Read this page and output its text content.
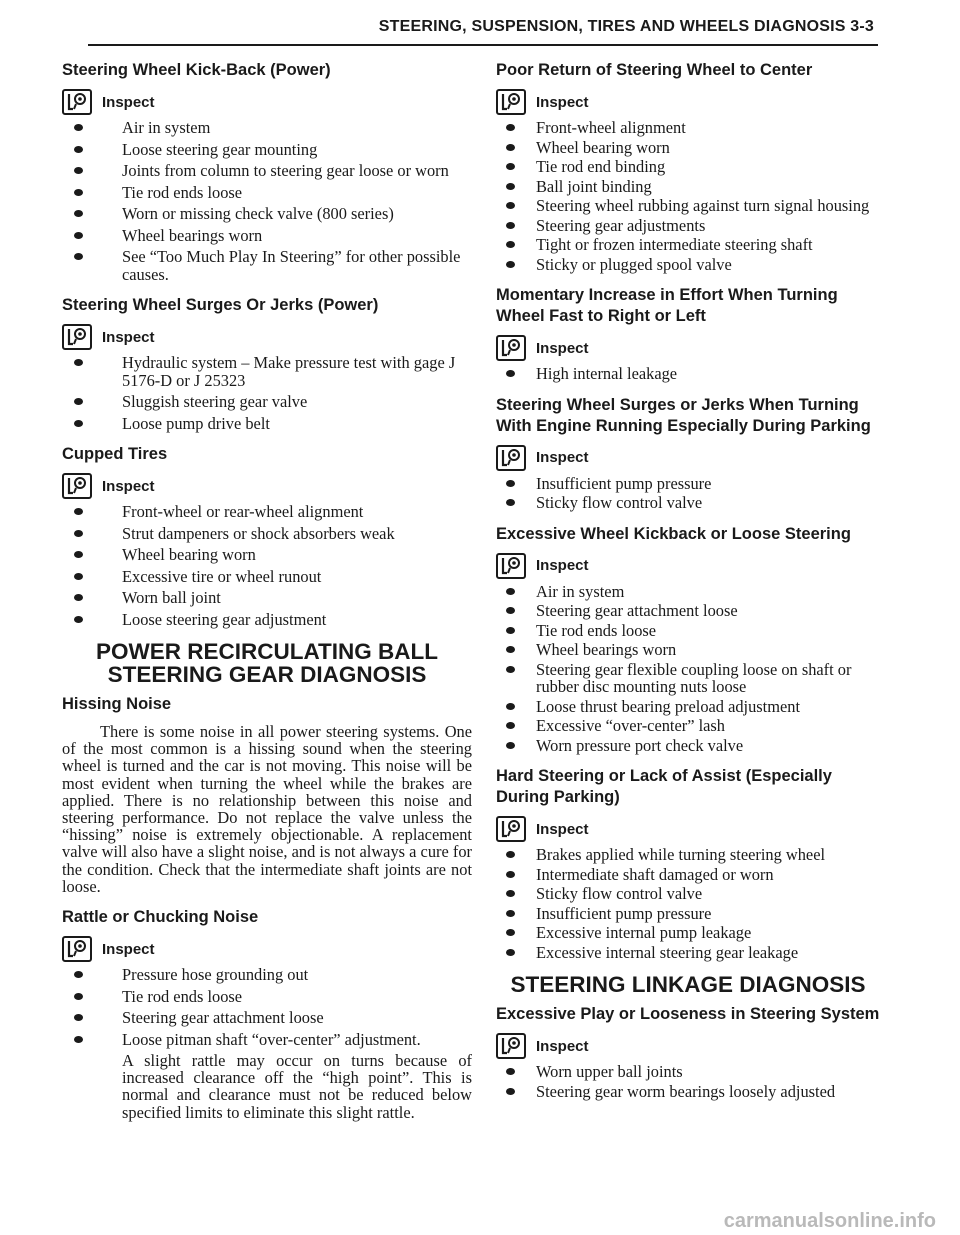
STEERING, SUSPENSION, TIRES AND WHEELS DIAGNOSIS 3-3
Steering Wheel Kick-Back (Power)
Inspect
Air in system
Loose steering gear mounting
Joints from column to steering gear loose or worn
Tie rod ends loose
Worn or missing check valve (800 series)
Wheel bearings worn
See “Too Much Play In Steering” for other possible causes.
Steering Wheel Surges Or Jerks (Power)
Inspect
Hydraulic system – Make pressure test with gage J 5176-D or J 25323
Sluggish steering gear valve
Loose pump drive belt
Cupped Tires
Inspect
Front-wheel or rear-wheel alignment
Strut dampeners or shock absorbers weak
Wheel bearing worn
Excessive tire or wheel runout
Worn ball joint
Loose steering gear adjustment
POWER RECIRCULATING BALL STEERING GEAR DIAGNOSIS
Hissing Noise

There is some noise in all power steering systems. One of the most common is a hissing sound when the steering wheel is turned and the car is not moving. This noise will be most evident when turning the wheel while the brakes are applied. There is no relationship between this noise and steering performance. Do not replace the valve unless the “hissing” noise is extremely objectionable. A replacement valve will also have a slight noise, and is not always a cure for the condition. Check that the intermediate shaft joints are not loose.

Rattle or Chucking Noise
Inspect
Pressure hose grounding out
Tie rod ends loose
Steering gear attachment loose
Loose pitman shaft “over-center” adjustment.

A slight rattle may occur on turns because of increased clearance off the “high point”. This is normal and clearance must not be reduced below specified limits to eliminate this slight rattle.

Poor Return of Steering Wheel to Center
Inspect
Front-wheel alignment
Wheel bearing worn
Tie rod end binding
Ball joint binding
Steering wheel rubbing against turn signal housing
Steering gear adjustments
Tight or frozen intermediate steering shaft
Sticky or plugged spool valve
Momentary Increase in Effort When Turning Wheel Fast to Right or Left
Inspect
High internal leakage
Steering Wheel Surges or Jerks When Turning With Engine Running Especially During Parking
Inspect
Insufficient pump pressure
Sticky flow control valve
Excessive Wheel Kickback or Loose Steering
Inspect
Air in system
Steering gear attachment loose
Tie rod ends loose
Wheel bearings worn
Steering gear flexible coupling loose on shaft or rubber disc mounting nuts loose
Loose thrust bearing preload adjustment
Excessive “over-center” lash
Worn pressure port check valve
Hard Steering or Lack of Assist (Especially During Parking)
Inspect
Brakes applied while turning steering wheel
Intermediate shaft damaged or worn
Sticky flow control valve
Insufficient pump pressure
Excessive internal pump leakage
Excessive internal steering gear leakage
STEERING LINKAGE DIAGNOSIS
Excessive Play or Looseness in Steering System
Inspect
Worn upper ball joints
Steering gear worm bearings loosely adjusted
carmanualsonline.info
